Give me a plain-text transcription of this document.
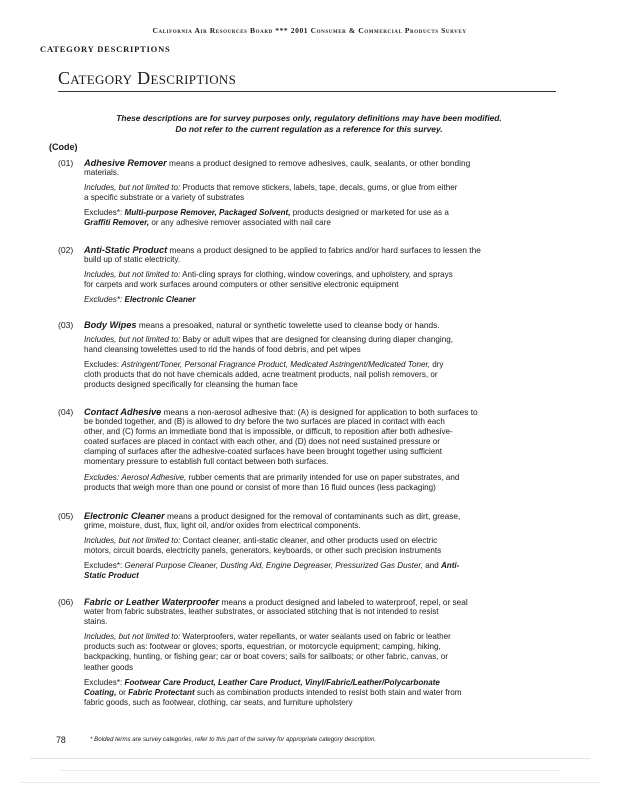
California Air Resources Board *** 2001 Consumer & Commercial Products Survey
CATEGORY DESCRIPTIONS
Category Descriptions
These descriptions are for survey purposes only, regulatory definitions may have been modified.
Do not refer to the current regulation as a reference for this survey.
(Code)
(01)	Adhesive Remover means a product designed to remove adhesives, caulk, sealants, or other bonding

materials.

Includes, but not limited to: Products that remove stickers, labels, tape, decals, gums, or glue from either

a specific substrate or a variety of substrates

Excludes*: Multi-purpose Remover, Packaged Solvent, products designed or marketed for use as a

Graffiti Remover, or any adhesive remover associated with nail care

(02)	Anti-Static Product means a product designed to be applied to fabrics and/or hard surfaces to lessen the

build up of static electricity.

Includes, but not limited to: Anti-cling sprays for clothing, window coverings, and upholstery, and sprays

for carpets and work surfaces around computers or other sensitive electronic equipment

Excludes*: Electronic Cleaner

(03)	Body Wipes means a presoaked, natural or synthetic towelette used to cleanse body or hands.

Includes, but not limited to: Baby or adult wipes that are designed for cleansing during diaper changing,

hand cleansing towelettes used to rid the hands of food debris, and pet wipes

Excludes: Astringent/Toner, Personal Fragrance Product, Medicated Astringent/Medicated Toner, dry

cloth products that do not have chemicals added, acne treatment products, nail polish removers, or

products designed specifically for cleansing the human face

(04)	Contact Adhesive means a non-aerosol adhesive that: (A) is designed for application to both surfaces to

be bonded together, and (B) is allowed to dry before the two surfaces are placed in contact with each

other, and (C) forms an immediate bond that is impossible, or difficult, to reposition after both adhesive-

coated surfaces are placed in contact with each other, and (D) does not need sustained pressure or

clamping of surfaces after the adhesive-coated surfaces have been brought together using sufficient

momentary pressure to establish full contact between both surfaces.

Excludes: Aerosol Adhesive, rubber cements that are primarily intended for use on paper substrates, and

products that weigh more than one pound or consist of more than 16 fluid ounces (less packaging)

(05)	Electronic Cleaner means a product designed for the removal of contaminants such as dirt, grease,

grime, moisture, dust, flux, light oil, and/or oxides from electrical components.

Includes, but not limited to: Contact cleaner, anti-static cleaner, and other products used on electric

motors, circuit boards, electricity panels, generators, keyboards, or other such precision instruments

Excludes*: General Purpose Cleaner, Dusting Aid, Engine Degreaser, Pressurized Gas Duster, and Anti-

Static Product

(06)	Fabric or Leather Waterproofer means a product designed and labeled to waterproof, repel, or seal

water from fabric substrates, leather substrates, or associated stitching that is not intended to resist

stains.

Includes, but not limited to: Waterproofers, water repellants, or water sealants used on fabric or leather

products such as: footwear or gloves; sports, equestrian, or motorcycle equipment; camping, hiking,

backpacking, hunting, or fishing gear; car or boat covers; sails for sailboats; or other fabric, canvas, or

leather goods

Excludes*: Footwear Care Product, Leather Care Product, Vinyl/Fabric/Leather/Polycarbonate

Coating, or Fabric Protectant such as combination products intended to resist both stain and water from

fabric goods, such as footwear, clothing, car seats, and furniture upholstery

78	* Bolded terms are survey categories, refer to this part of the survey for appropriate category description.
